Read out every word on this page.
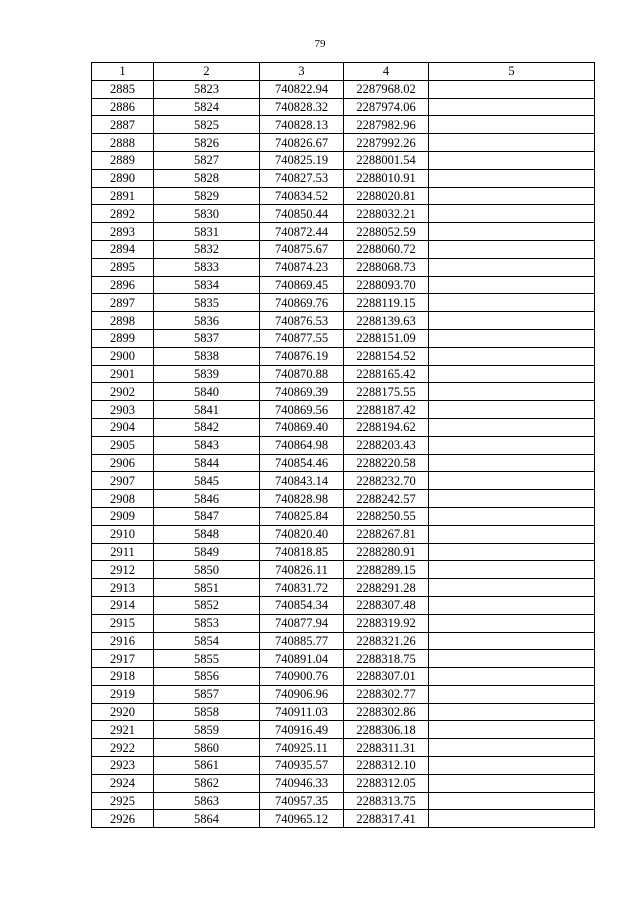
79
1	2	3	4	5
2885	5823	740822.94	2287968.02	
2886	5824	740828.32	2287974.06	
2887	5825	740828.13	2287982.96	
2888	5826	740826.67	2287992.26	
2889	5827	740825.19	2288001.54	
2890	5828	740827.53	2288010.91	
2891	5829	740834.52	2288020.81	
2892	5830	740850.44	2288032.21	
2893	5831	740872.44	2288052.59	
2894	5832	740875.67	2288060.72	
2895	5833	740874.23	2288068.73	
2896	5834	740869.45	2288093.70	
2897	5835	740869.76	2288119.15	
2898	5836	740876.53	2288139.63	
2899	5837	740877.55	2288151.09	
2900	5838	740876.19	2288154.52	
2901	5839	740870.88	2288165.42	
2902	5840	740869.39	2288175.55	
2903	5841	740869.56	2288187.42	
2904	5842	740869.40	2288194.62	
2905	5843	740864.98	2288203.43	
2906	5844	740854.46	2288220.58	
2907	5845	740843.14	2288232.70	
2908	5846	740828.98	2288242.57	
2909	5847	740825.84	2288250.55	
2910	5848	740820.40	2288267.81	
2911	5849	740818.85	2288280.91	
2912	5850	740826.11	2288289.15	
2913	5851	740831.72	2288291.28	
2914	5852	740854.34	2288307.48	
2915	5853	740877.94	2288319.92	
2916	5854	740885.77	2288321.26	
2917	5855	740891.04	2288318.75	
2918	5856	740900.76	2288307.01	
2919	5857	740906.96	2288302.77	
2920	5858	740911.03	2288302.86	
2921	5859	740916.49	2288306.18	
2922	5860	740925.11	2288311.31	
2923	5861	740935.57	2288312.10	
2924	5862	740946.33	2288312.05	
2925	5863	740957.35	2288313.75	
2926	5864	740965.12	2288317.41	
